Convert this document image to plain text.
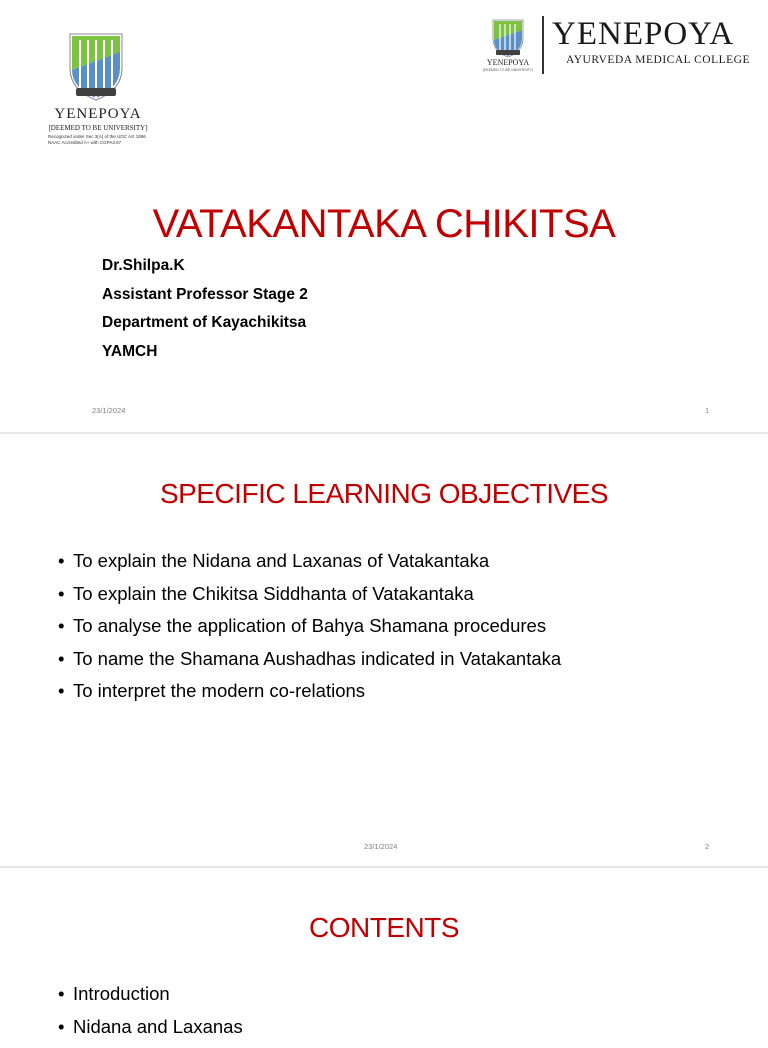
YENEPOYA
[DEEMED TO BE UNIVERSITY]
Recognized under Sec 3(A) of the UGC Act 1956
NAAC Accredited A+ with CGPA3.67
YENEPOYA
(DEEMED TO BE UNIVERSITY)
YENEPOYA
AYURVEDA MEDICAL COLLEGE
VATAKANTAKA CHIKITSA
Dr.Shilpa.K
Assistant Professor Stage 2
Department of Kayachikitsa
YAMCH
23/1/2024	1
SPECIFIC LEARNING OBJECTIVES
• To explain the Nidana and Laxanas of Vatakantaka
• To explain the Chikitsa Siddhanta of Vatakantaka
• To analyse the application of Bahya Shamana procedures
• To name the Shamana Aushadhas indicated in Vatakantaka
• To interpret the modern co-relations
23/1/2024	2
CONTENTS
• Introduction
• Nidana and Laxanas
